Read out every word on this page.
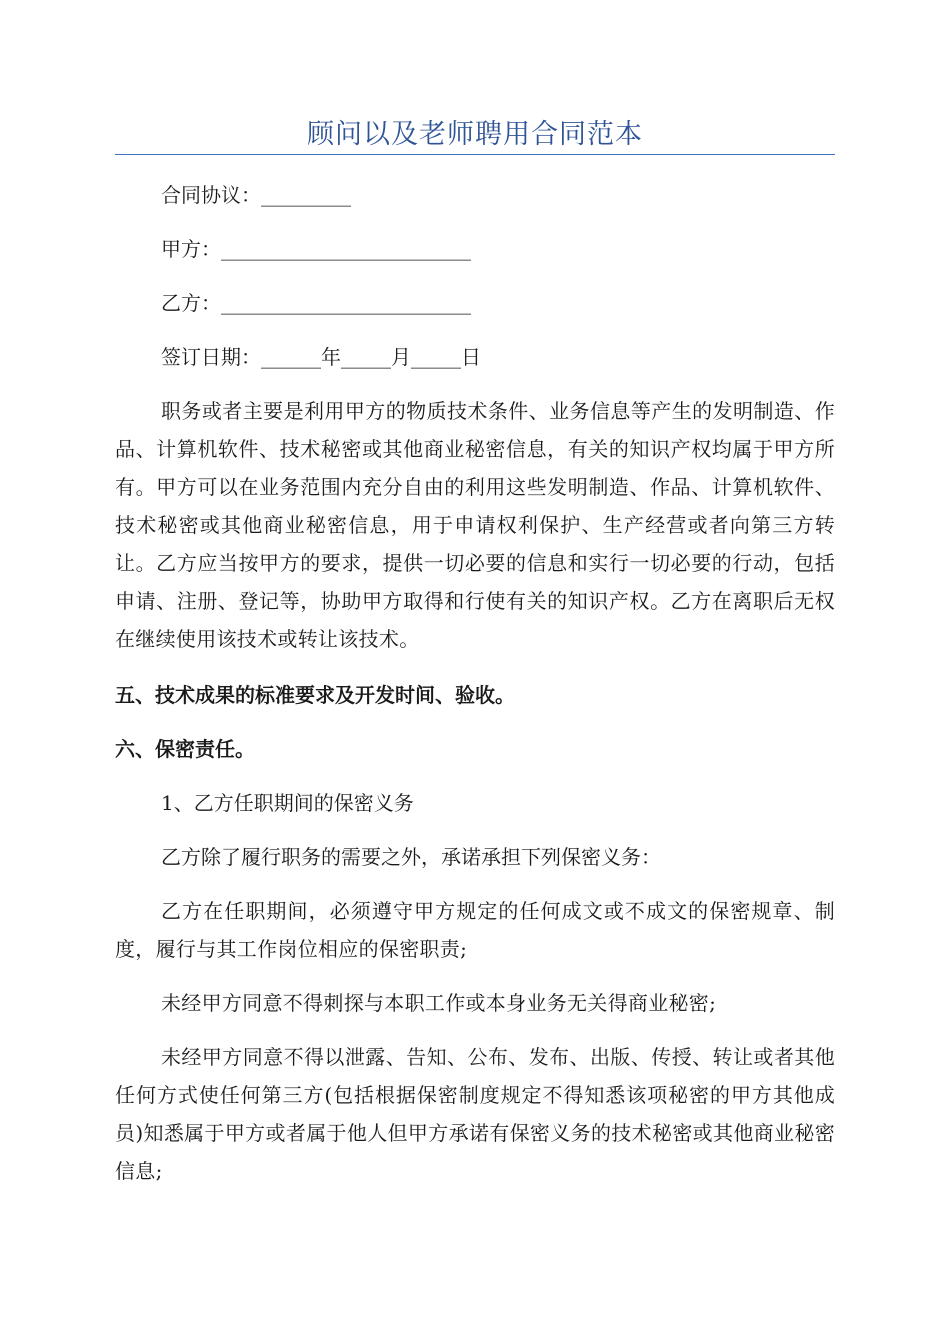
顾问以及老师聘用合同范本
合同协议：_________
甲方：_________________________
乙方：_________________________
签订日期：______年_____月_____日
职务或者主要是利用甲方的物质技术条件、业务信息等产生的发明制造、作品、计算机软件、技术秘密或其他商业秘密信息，有关的知识产权均属于甲方所有。甲方可以在业务范围内充分自由的利用这些发明制造、作品、计算机软件、技术秘密或其他商业秘密信息，用于申请权利保护、生产经营或者向第三方转让。乙方应当按甲方的要求，提供一切必要的信息和实行一切必要的行动，包括申请、注册、登记等，协助甲方取得和行使有关的知识产权。乙方在离职后无权在继续使用该技术或转让该技术。
五、技术成果的标准要求及开发时间、验收。
六、保密责任。
1、乙方任职期间的保密义务
乙方除了履行职务的需要之外，承诺承担下列保密义务：
乙方在任职期间，必须遵守甲方规定的任何成文或不成文的保密规章、制度，履行与其工作岗位相应的保密职责;
未经甲方同意不得刺探与本职工作或本身业务无关得商业秘密;
未经甲方同意不得以泄露、告知、公布、发布、出版、传授、转让或者其他任何方式使任何第三方(包括根据保密制度规定不得知悉该项秘密的甲方其他成员)知悉属于甲方或者属于他人但甲方承诺有保密义务的技术秘密或其他商业秘密信息;
